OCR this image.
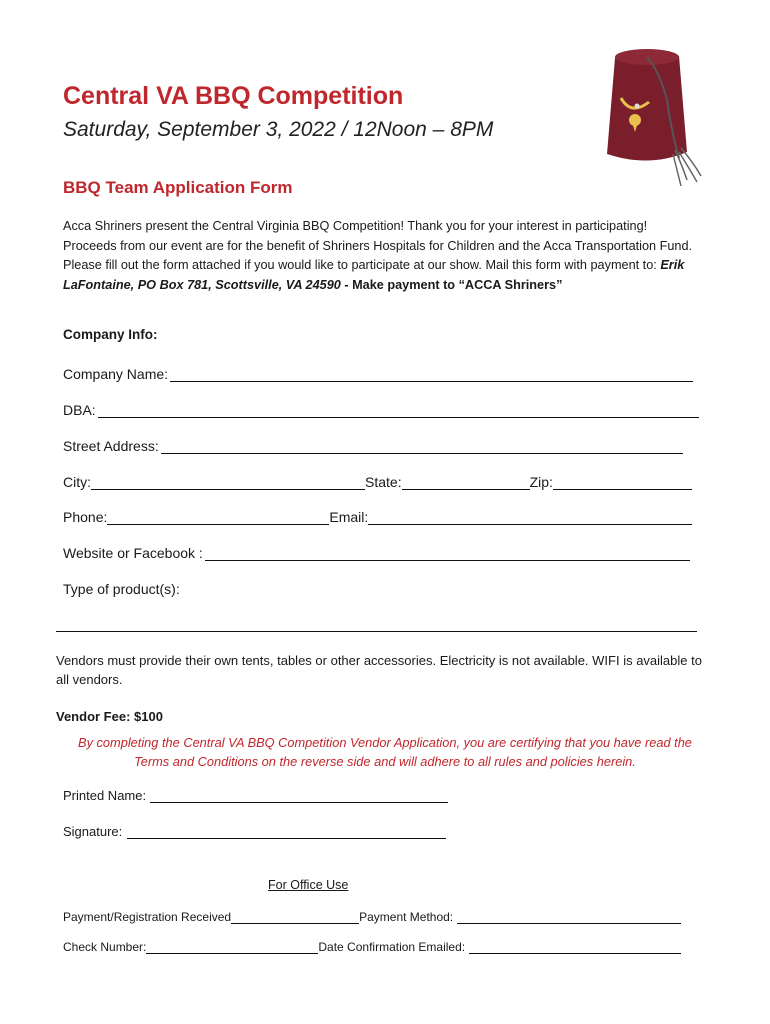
Central VA BBQ Competition
Saturday, September 3, 2022 / 12Noon – 8PM
BBQ Team Application Form
Acca Shriners present the Central Virginia BBQ Competition! Thank you for your interest in participating! Proceeds from our event are for the benefit of Shriners Hospitals for Children and the Acca Transportation Fund. Please fill out the form attached if you would like to participate at our show. Mail this form with payment to: Erik LaFontaine, PO Box 781, Scottsville, VA 24590 - Make payment to “ACCA Shriners”
Company Info:
Company Name:
DBA:
Street Address:
City:	State:	Zip:
Phone:	Email:
Website or Facebook :
Type of product(s):
Vendors must provide their own tents, tables or other accessories. Electricity is not available. WIFI is available to all vendors.
Vendor Fee: $100
By completing the Central VA BBQ Competition Vendor Application, you are certifying that you have read the Terms and Conditions on the reverse side and will adhere to all rules and policies herein.
Printed Name:
Signature:
For Office Use
Payment/Registration Received	Payment Method:
Check Number:	Date Confirmation Emailed:
